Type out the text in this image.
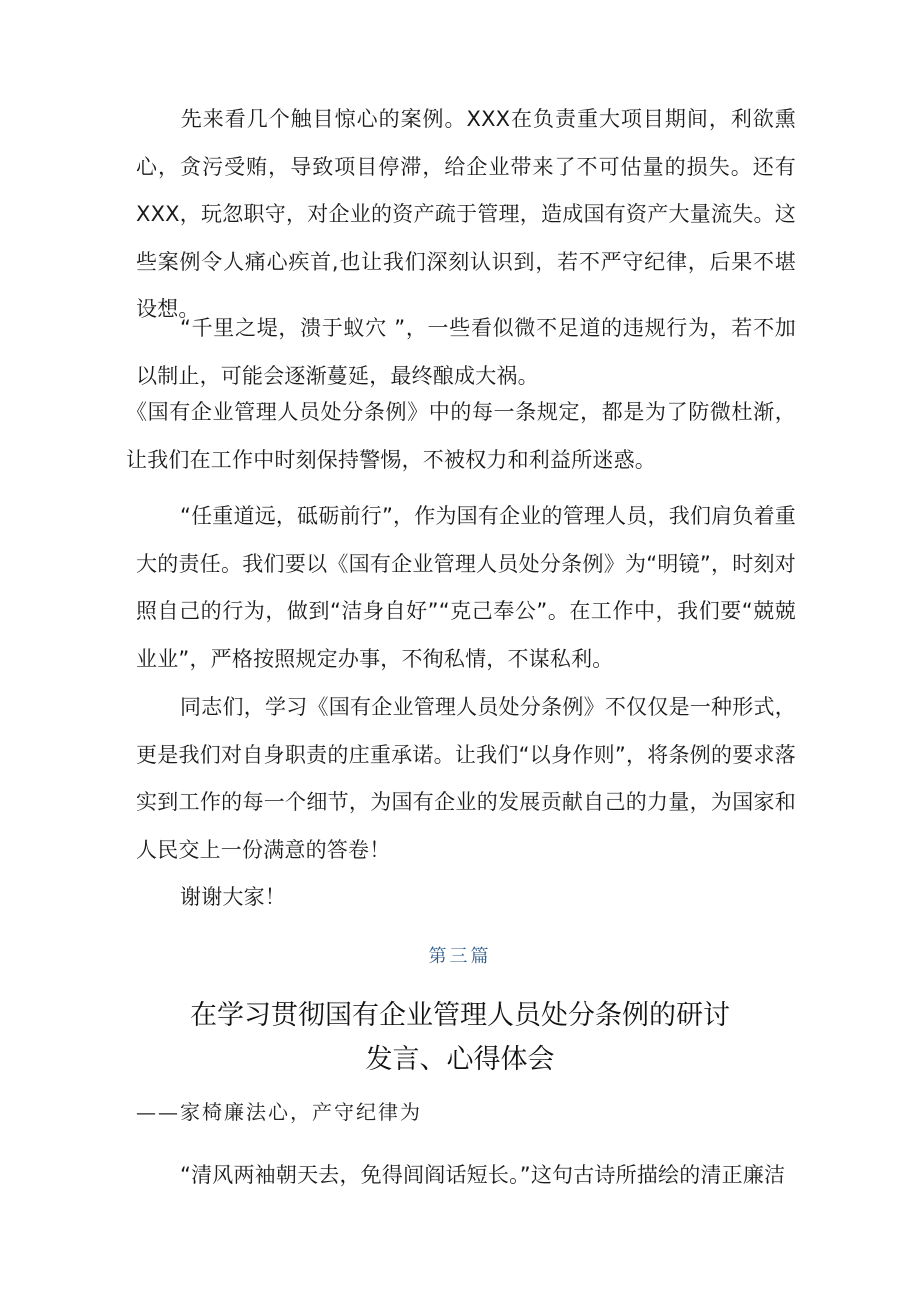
先来看几个触目惊心的案例。XXX在负责重大项目期间，利欲熏心，贪污受贿，导致项目停滞，给企业带来了不可估量的损失。还有XXX，玩忽职守，对企业的资产疏于管理，造成国有资产大量流失。这些案例令人痛心疾首,也让我们深刻认识到，若不严守纪律，后果不堪设想。
“千里之堤，溃于蚁穴 ”，一些看似微不足道的违规行为，若不加以制止，可能会逐渐蔓延，最终酿成大祸。
《国有企业管理人员处分条例》中的每一条规定，都是为了防微杜渐，让我们在工作中时刻保持警惕，不被权力和利益所迷惑。
“任重道远，砥砺前行”，作为国有企业的管理人员，我们肩负着重大的责任。我们要以《国有企业管理人员处分条例》为“明镜”，时刻对照自己的行为，做到“洁身自好”“克己奉公”。在工作中，我们要“兢兢业业”，严格按照规定办事，不徇私情，不谋私利。
同志们，学习《国有企业管理人员处分条例》不仅仅是一种形式，更是我们对自身职责的庄重承诺。让我们“以身作则”，将条例的要求落实到工作的每一个细节，为国有企业的发展贡献自己的力量，为国家和人民交上一份满意的答卷！
谢谢大家！
第三篇
在学习贯彻国有企业管理人员处分条例的研讨
发言、心得体会
——家椅廉法心，产守纪律为
“清风两袖朝天去，免得闾阎话短长。”这句古诗所描绘的清正廉洁
